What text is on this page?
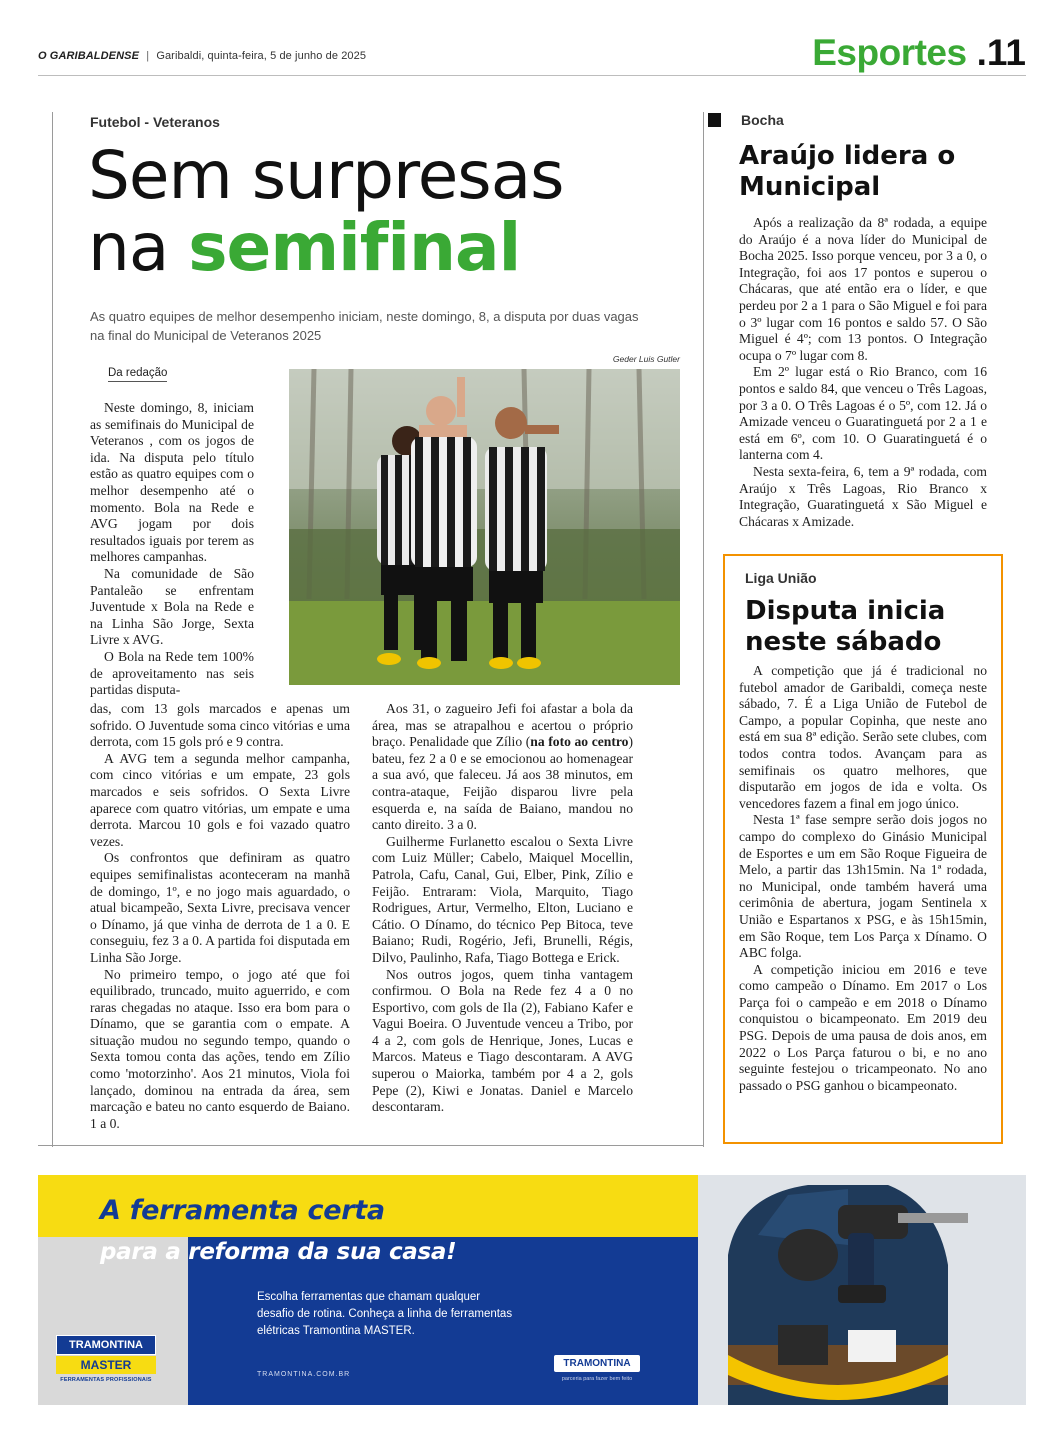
O GARIBALDENSE | Garibaldi, quinta-feira, 5 de junho de 2025	Esportes .11
Futebol - Veteranos
Sem surpresas
na semifinal
As quatro equipes de melhor desempenho iniciam, neste domingo, 8, a disputa por duas vagas na final do Municipal de Veteranos 2025
Geder Luis Gutler
Da redação

Neste domingo, 8, iniciam as semifinais do Municipal de Veteranos , com os jogos de ida. Na disputa pelo título estão as quatro equipes com o melhor desempenho até o momento. Bola na Rede e AVG jogam por dois resultados iguais por terem as melhores campanhas.

Na comunidade de São Pantaleão se enfrentam Juventude x Bola na Rede e na Linha São Jorge, Sexta Livre x AVG.

O Bola na Rede tem 100% de aproveitamento nas seis partidas disputa-

das, com 13 gols marcados e apenas um sofrido. O Juventude soma cinco vitórias e uma derrota, com 15 gols pró e 9 contra.

A AVG tem a segunda melhor campanha, com cinco vitórias e um empate, 23 gols marcados e seis sofridos. O Sexta Livre aparece com quatro vitórias, um empate e uma derrota. Marcou 10 gols e foi vazado quatro vezes.

Os confrontos que definiram as quatro equipes semifinalistas aconteceram na manhã de domingo, 1º, e no jogo mais aguardado, o atual bicampeão, Sexta Livre, precisava vencer o Dínamo, já que vinha de derrota de 1 a 0. E conseguiu, fez 3 a 0. A partida foi disputada em Linha São Jorge.

No primeiro tempo, o jogo até que foi equilibrado, truncado, muito aguerrido, e com raras chegadas no ataque. Isso era bom para o Dínamo, que se garantia com o empate. A situação mudou no segundo tempo, quando o Sexta tomou conta das ações, tendo em Zílio como 'motorzinho'. Aos 21 minutos, Viola foi lançado, dominou na entrada da área, sem marcação e bateu no canto esquerdo de Baiano. 1 a 0.

Aos 31, o zagueiro Jefi foi afastar a bola da área, mas se atrapalhou e acertou o próprio braço. Penalidade que Zílio (na foto ao centro) bateu, fez 2 a 0 e se emocionou ao homenagear a sua avó, que faleceu. Já aos 38 minutos, em contra-ataque, Feijão disparou livre pela esquerda e, na saída de Baiano, mandou no canto direito. 3 a 0.

Guilherme Furlanetto escalou o Sexta Livre com Luiz Müller; Cabelo, Maiquel Mocellin, Patrola, Cafu, Canal, Gui, Elber, Pink, Zílio e Feijão. Entraram: Viola, Marquito, Tiago Rodrigues, Artur, Vermelho, Elton, Luciano e Cátio. O Dínamo, do técnico Pep Bitoca, teve Baiano; Rudi, Rogério, Jefi, Brunelli, Régis, Dilvo, Paulinho, Rafa, Tiago Bottega e Erick.

Nos outros jogos, quem tinha vantagem confirmou. O Bola na Rede fez 4 a 0 no Esportivo, com gols de Ila (2), Fabiano Kafer e Vagui Boeira. O Juventude venceu a Tribo, por 4 a 2, com gols de Henrique, Jones, Lucas e Marcos. Mateus e Tiago descontaram. A AVG superou o Maiorka, também por 4 a 2, gols Pepe (2), Kiwi e Jonatas. Daniel e Marcelo descontaram.

Bocha
Araújo lidera o Municipal

Após a realização da 8ª rodada, a equipe do Araújo é a nova líder do Municipal de Bocha 2025. Isso porque venceu, por 3 a 0, o Integração, foi aos 17 pontos e superou o Chácaras, que até então era o líder, e que perdeu por 2 a 1 para o São Miguel e foi para o 3º lugar com 16 pontos e saldo 57. O São Miguel é 4º; com 13 pontos. O Integração ocupa o 7º lugar com 8.

Em 2º lugar está o Rio Branco, com 16 pontos e saldo 84, que venceu o Três Lagoas, por 3 a 0. O Três Lagoas é o 5º, com 12. Já o Amizade venceu o Guaratinguetá por 2 a 1 e está em 6º, com 10. O Guaratinguetá é o lanterna com 4.

Nesta sexta-feira, 6, tem a 9ª rodada, com Araújo x Três Lagoas, Rio Branco x Integração, Guaratinguetá x São Miguel e Chácaras x Amizade.

Liga União
Disputa inicia neste sábado

A competição que já é tradicional no futebol amador de Garibaldi, começa neste sábado, 7. É a Liga União de Futebol de Campo, a popular Copinha, que neste ano está em sua 8ª edição. Serão sete clubes, com todos contra todos. Avançam para as semifinais os quatro melhores, que disputarão em jogos de ida e volta. Os vencedores fazem a final em jogo único.

Nesta 1ª fase sempre serão dois jogos no campo do complexo do Ginásio Municipal de Esportes e um em São Roque Figueira de Melo, a partir das 13h15min. Na 1ª rodada, no Municipal, onde também haverá uma cerimônia de abertura, jogam Sentinela x União e Espartanos x PSG, e às 15h15min, em São Roque, tem Los Parça x Dínamo. O ABC folga.

A competição iniciou em 2016 e teve como campeão o Dínamo. Em 2017 o Los Parça foi o campeão e em 2018 o Dínamo conquistou o bicampeonato. Em 2019 deu PSG. Depois de uma pausa de dois anos, em 2022 o Los Parça faturou o bi, e no ano seguinte festejou o tricampeonato. No ano passado o PSG ganhou o bicampeonato.

A ferramenta certa
para a reforma da sua casa!
Escolha ferramentas que chamam qualquer desafio de rotina. Conheça a linha de ferramentas elétricas Tramontina MASTER.
TRAMONTINA.COM.BR
TRAMONTINA
MASTER
FERRAMENTAS PROFISSIONAIS
TRAMONTINA
parceria para fazer bem feito
